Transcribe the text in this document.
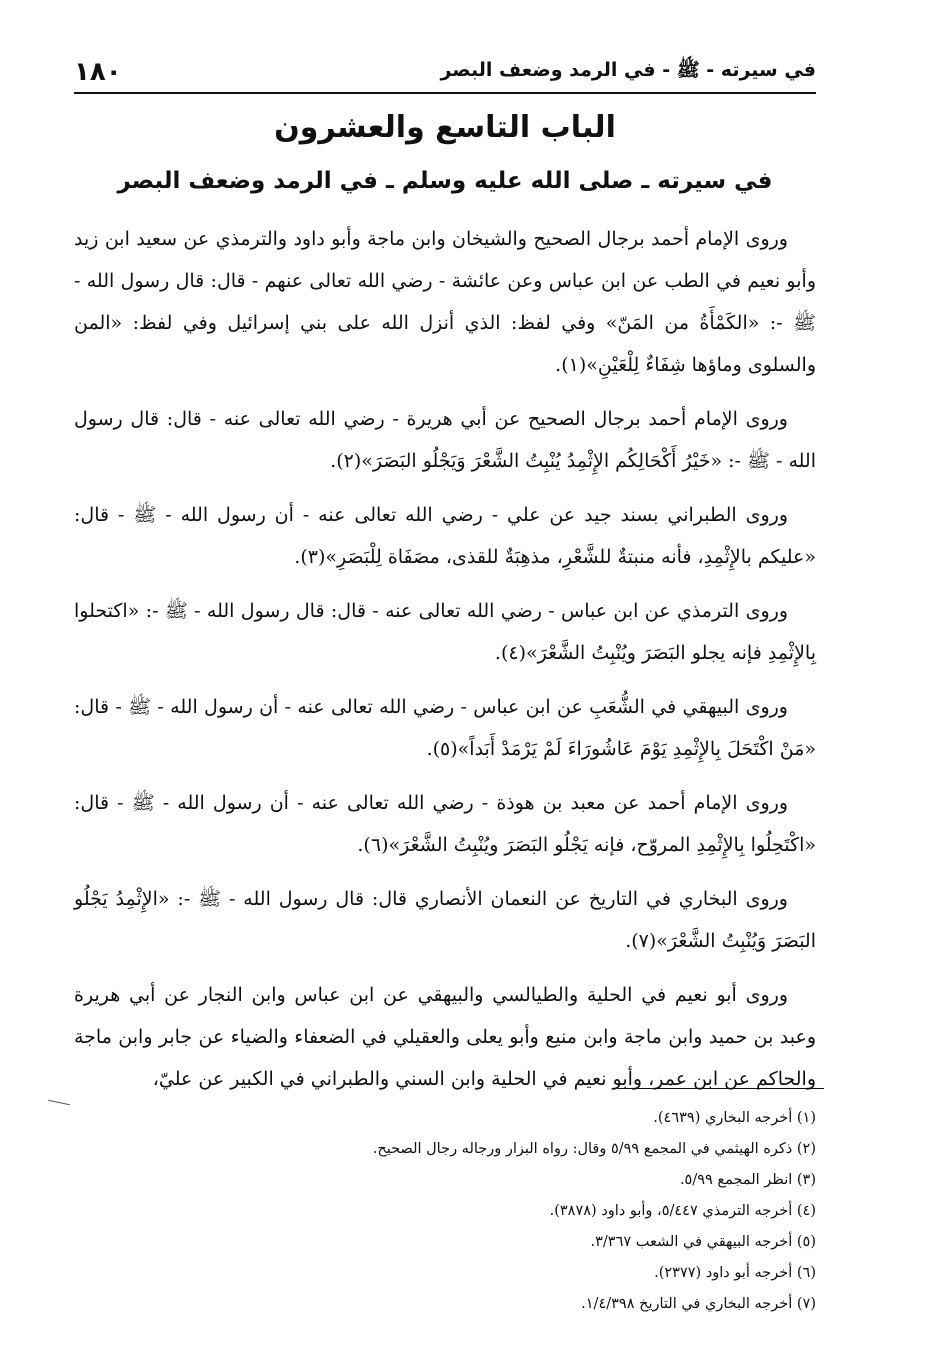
في سيرته - ﷺ - في الرمد وضعف البصر
١٨٠
الباب التاسع والعشرون
في سيرته ـ صلى الله عليه وسلم ـ في الرمد وضعف البصر

وروى الإمام أحمد برجال الصحيح والشيخان وابن ماجة وأبو داود والترمذي عن سعيد ابن زيد وأبو نعيم في الطب عن ابن عباس وعن عائشة - رضي الله تعالى عنهم - قال: قال رسول الله - ﷺ -: «الكَمْأَةُ من المَنّ» وفي لفظ: الذي أنزل الله على بني إسرائيل وفي لفظ: «المن والسلوى وماؤها شِفَاءٌ لِلْعَيْنِ»(١).

وروى الإمام أحمد برجال الصحيح عن أبي هريرة - رضي الله تعالى عنه - قال: قال رسول الله - ﷺ -: «خَيْرُ أَكْحَالِكُم الإِثْمِدُ يُنْبِتُ الشَّعْرَ وَيَجْلُو البَصَرَ»(٢).

وروى الطبراني بسند جيد عن علي - رضي الله تعالى عنه - أن رسول الله - ﷺ - قال: «عليكم بالإِثْمِدِ، فأنه منبتةٌ للشَّعْرِ، مذهِبَةٌ للقذى، مصَفَاة لِلْبَصَرِ»(٣).

وروى الترمذي عن ابن عباس - رضي الله تعالى عنه - قال: قال رسول الله - ﷺ -: «اكتحلوا بِالإِثْمِدِ فإنه يجلو البَصَرَ ويُنْبِتُ الشَّعْرَ»(٤).

وروى البيهقي في الشُّعَبِ عن ابن عباس - رضي الله تعالى عنه - أن رسول الله - ﷺ - قال: «مَنْ اكْتَحَلَ بِالإِثْمِدِ يَوْمَ عَاشُورَاءَ لَمْ يَرْمَدْ أَبَداً»(٥).

وروى الإمام أحمد عن معبد بن هوذة - رضي الله تعالى عنه - أن رسول الله - ﷺ - قال: «اكْتَحِلُوا بِالإِثْمِدِ المروّح، فإنه يَجْلُو البَصَرَ ويُنْبِتُ الشَّعْرَ»(٦).

وروى البخاري في التاريخ عن النعمان الأنصاري قال: قال رسول الله - ﷺ -: «الإِثْمِدُ يَجْلُو البَصَرَ وَيُنْبِتُ الشَّعْرَ»(٧).

وروى أبو نعيم في الحلية والطيالسي والبيهقي عن ابن عباس وابن النجار عن أبي هريرة وعبد بن حميد وابن ماجة وابن منيع وأبو يعلى والعقيلي في الضعفاء والضياء عن جابر وابن ماجة والحاكم عن ابن عمر، وأبو نعيم في الحلية وابن السني والطبراني في الكبير عن عليّ،

(١) أخرجه البخاري (٤٦٣٩).
(٢) ذكره الهيثمي في المجمع ٥/٩٩ وقال: رواه البزار ورجاله رجال الصحيح.
(٣) انظر المجمع ٥/٩٩.
(٤) أخرجه الترمذي ٥/٤٤٧، وأبو داود (٣٨٧٨).
(٥) أخرجه البيهقي في الشعب ٣/٣٦٧.
(٦) أخرجه أبو داود (٢٣٧٧).
(٧) أخرجه البخاري في التاريخ ١/٤/٣٩٨.
